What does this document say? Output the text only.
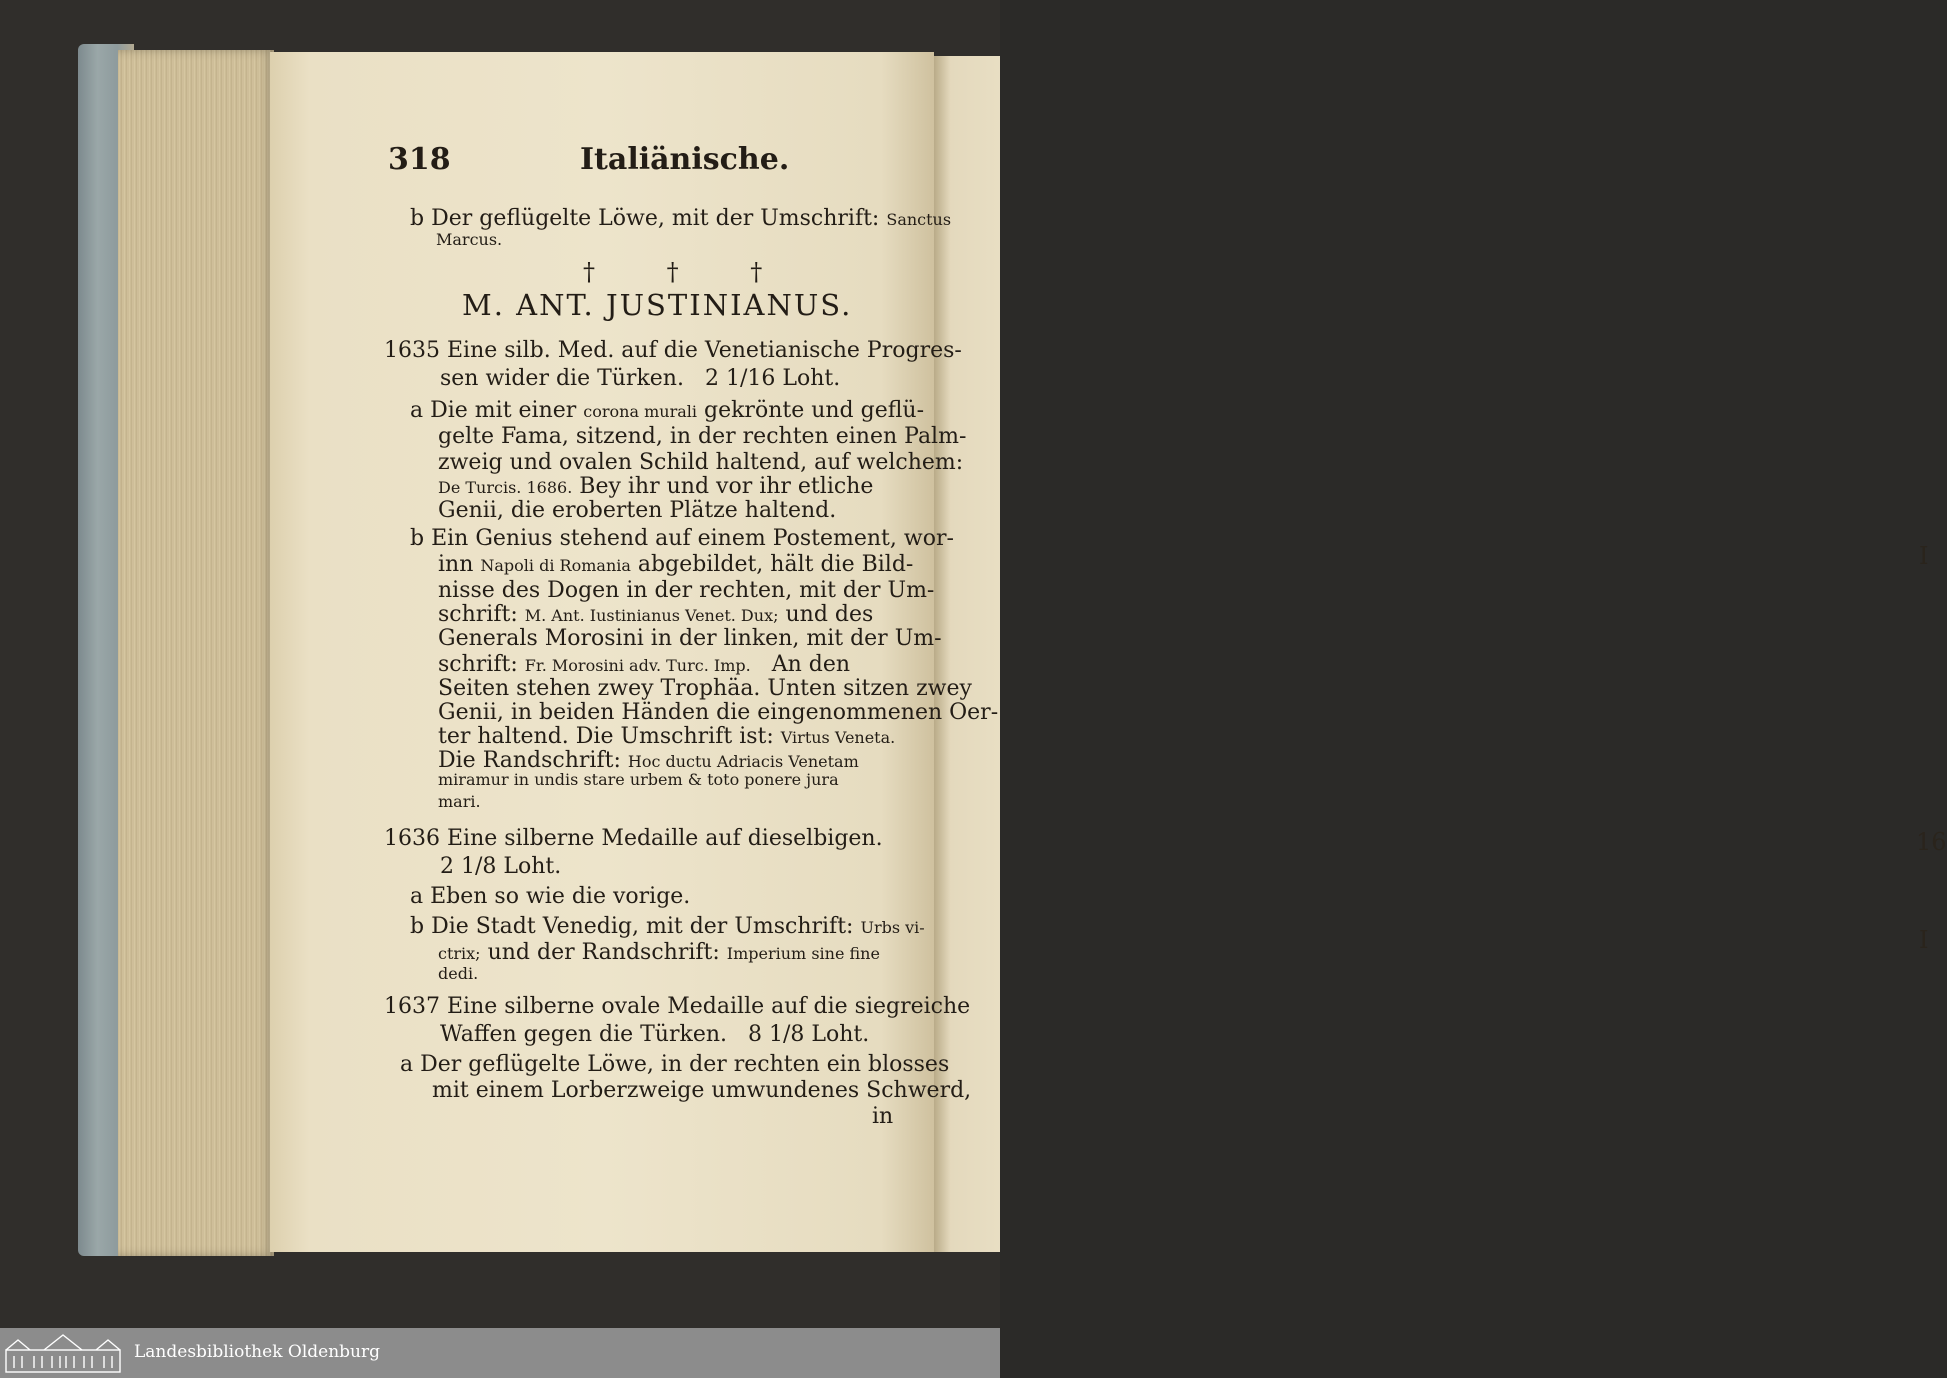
I
16
I
318	Italiänische.
b Der geflügelte Löwe, mit der Umschrift: Sanctus
Marcus.
† † †
M. ANT. JUSTINIANUS.
1635 Eine silb. Med. auf die Venetianische Progres-
sen wider die Türken. 2 1/16 Loht.
a Die mit einer corona murali gekrönte und geflü-
gelte Fama, sitzend, in der rechten einen Palm-
zweig und ovalen Schild haltend, auf welchem:
De Turcis. 1686. Bey ihr und vor ihr etliche
Genii, die eroberten Plätze haltend.
b Ein Genius stehend auf einem Postement, wor-
inn Napoli di Romania abgebildet, hält die Bild-
nisse des Dogen in der rechten, mit der Um-
schrift: M. Ant. Iustinianus Venet. Dux; und des
Generals Morosini in der linken, mit der Um-
schrift: Fr. Morosini adv. Turc. Imp. An den
Seiten stehen zwey Trophäa. Unten sitzen zwey
Genii, in beiden Händen die eingenommenen Oer-
ter haltend. Die Umschrift ist: Virtus Veneta.
Die Randschrift: Hoc ductu Adriacis Venetam
miramur in undis stare urbem & toto ponere jura
mari.
1636 Eine silberne Medaille auf dieselbigen.
2 1/8 Loht.
a Eben so wie die vorige.
b Die Stadt Venedig, mit der Umschrift: Urbs vi-
ctrix; und der Randschrift: Imperium sine fine
dedi.
1637 Eine silberne ovale Medaille auf die siegreiche
Waffen gegen die Türken. 8 1/8 Loht.
a Der geflügelte Löwe, in der rechten ein blosses
mit einem Lorberzweige umwundenes Schwerd,
in
Landesbibliothek Oldenburg
